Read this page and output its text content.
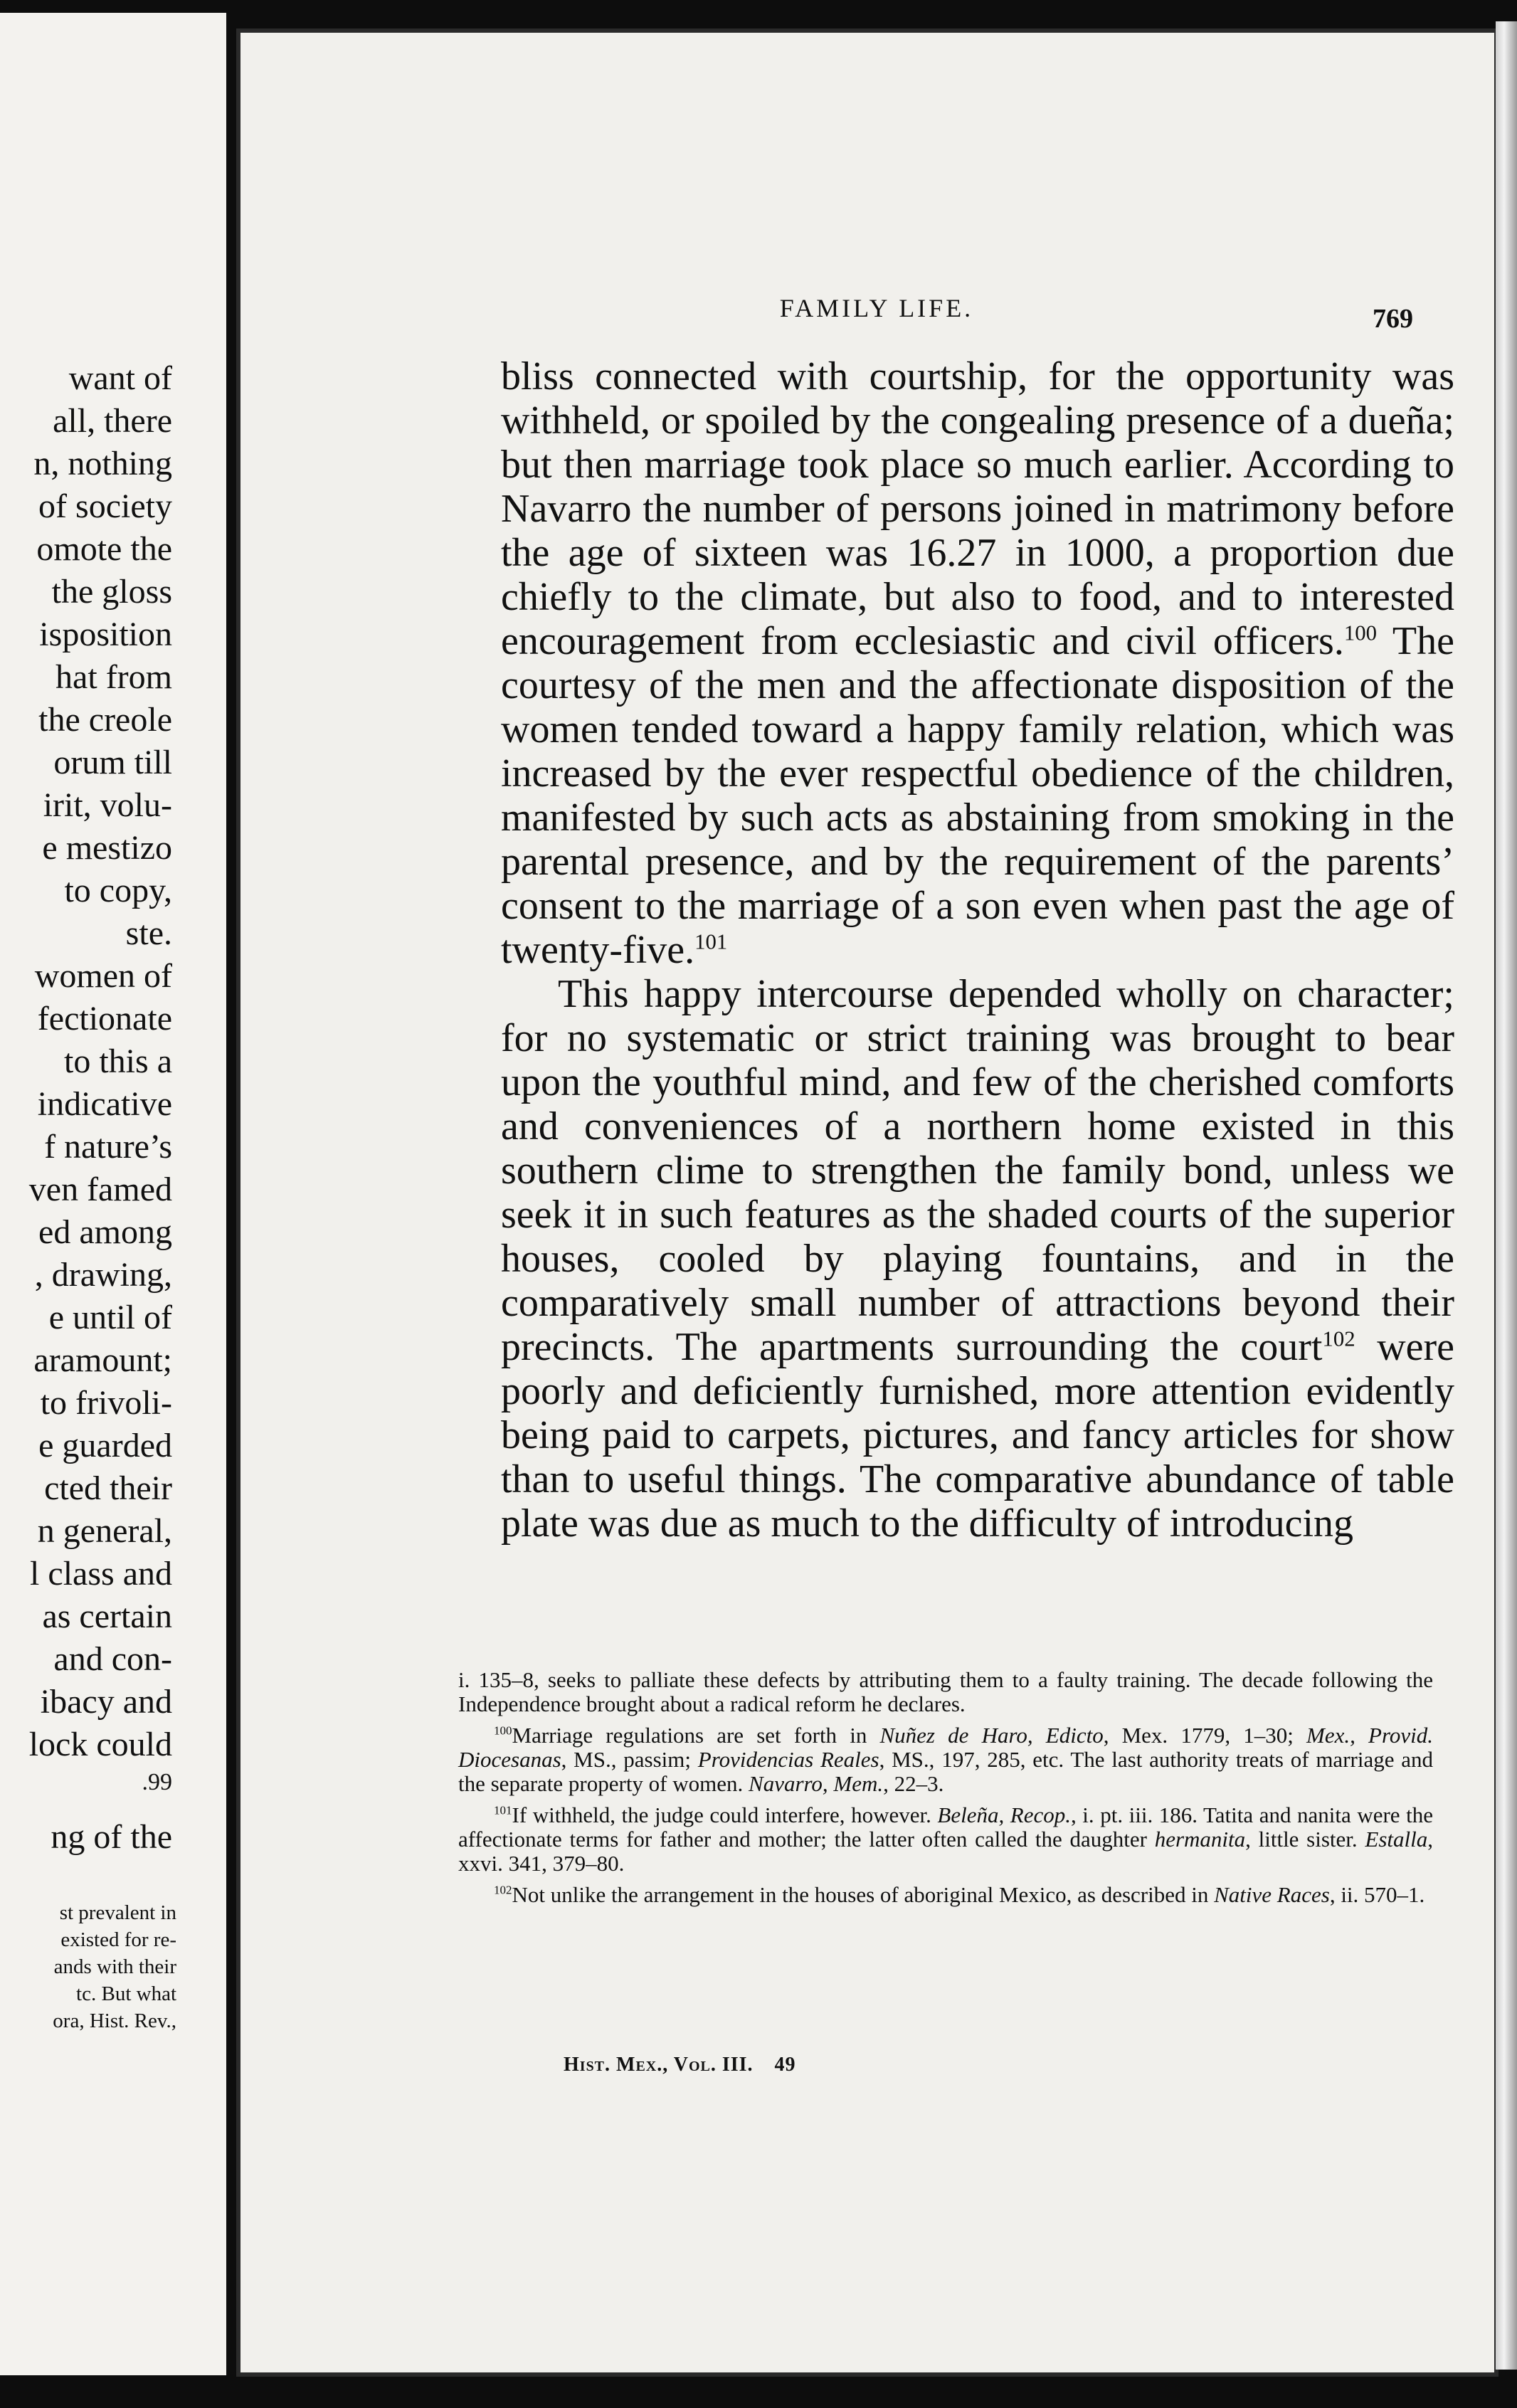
want of
all, there
n, nothing
of society
omote the
the gloss
isposition
hat from
the creole
orum till
irit, volu-
e mestizo
to copy,
ste.
women of
fectionate
to this a
indicative
f nature’s
ven famed
ed among
, drawing,
e until of
aramount;
to frivoli-
e guarded
cted their
n general,
l class and
as certain
and con-
ibacy and
lock could
.99
ng of the
st prevalent in
existed for re-
ands with their
tc. But what
ora, Hist. Rev.,
FAMILY LIFE.	769

bliss connected with courtship, for the opportunity was withheld, or spoiled by the congealing presence of a dueña; but then marriage took place so much earlier. According to Navarro the number of persons joined in matrimony before the age of sixteen was 16.27 in 1000, a proportion due chiefly to the climate, but also to food, and to interested encouragement from ecclesiastic and civil officers.$^{100}$ The courtesy of the men and the affectionate disposition of the women tended toward a happy family relation, which was increased by the ever respectful obedience of the children, manifested by such acts as abstaining from smoking in the parental presence, and by the requirement of the parents’ consent to the marriage of a son even when past the age of twenty-five.$^{101}$

This happy intercourse depended wholly on character; for no systematic or strict training was brought to bear upon the youthful mind, and few of the cherished comforts and conveniences of a northern home existed in this southern clime to strengthen the family bond, unless we seek it in such features as the shaded courts of the superior houses, cooled by playing fountains, and in the comparatively small number of attractions beyond their precincts. The apartments surrounding the court$^{102}$ were poorly and deficiently furnished, more attention evidently being paid to carpets, pictures, and fancy articles for show than to useful things. The comparative abundance of table plate was due as much to the difficulty of introducing

i. 135–8, seeks to palliate these defects by attributing them to a faulty training. The decade following the Independence brought about a radical reform he declares.

$^{100}$Marriage regulations are set forth in Nuñez de Haro, Edicto, Mex. 1779, 1–30; Mex., Provid. Diocesanas, MS., passim; Providencias Reales, MS., 197, 285, etc. The last authority treats of marriage and the separate property of women. Navarro, Mem., 22–3.

$^{101}$If withheld, the judge could interfere, however. Beleña, Recop., i. pt. iii. 186. Tatita and nanita were the affectionate terms for father and mother; the latter often called the daughter hermanita, little sister. Estalla, xxvi. 341, 379–80.

$^{102}$Not unlike the arrangement in the houses of aboriginal Mexico, as described in Native Races, ii. 570–1.

Hist. Mex., Vol. III. 49
